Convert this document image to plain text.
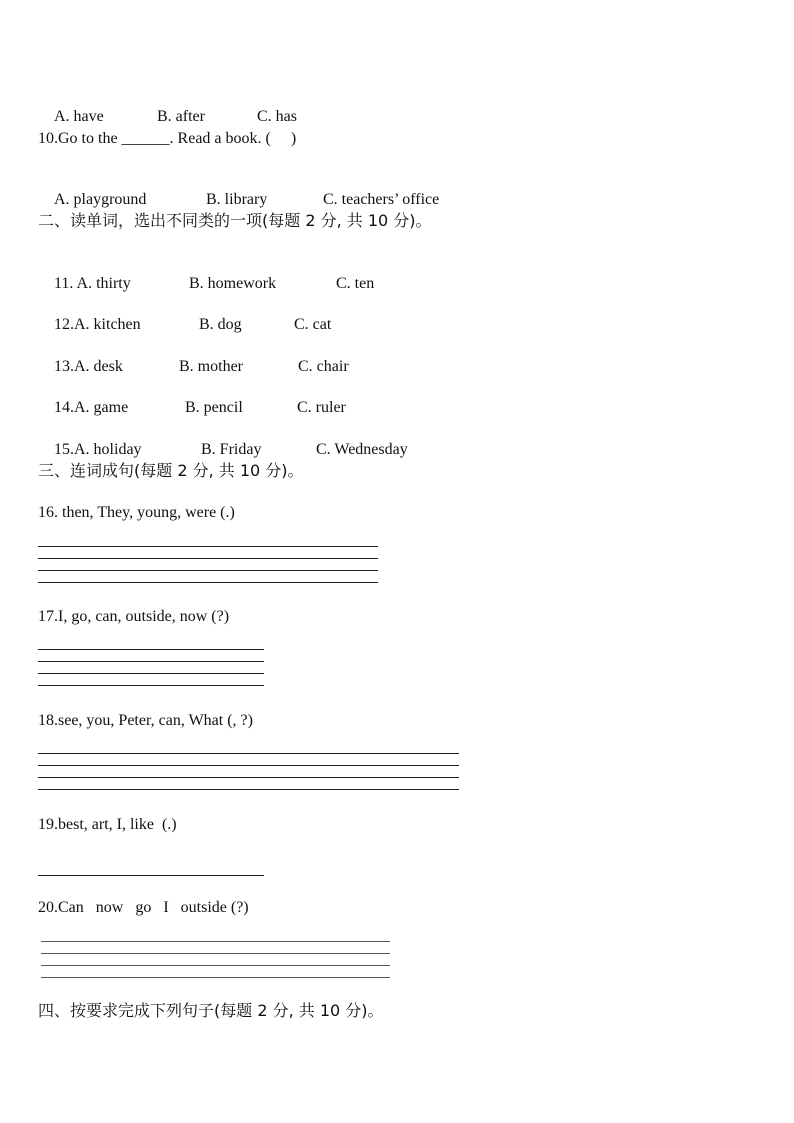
A. have	B. after	C. has

10.Go to the ______. Read a book. (     )

A. playground	B. library	C. teachers’ office

二、读单词，选出不同类的一项(每题 2 分, 共 10 分)。

11. A. thirty	B. homework	C. ten

12.A. kitchen	B. dog	C. cat

13.A. desk	B. mother	C. chair

14.A. game	B. pencil	C. ruler

15.A. holiday	B. Friday	C. Wednesday

三、连词成句(每题 2 分, 共 10 分)。
16. then, They, young, were (.)
17.I, go, can, outside, now (?)
18.see, you, Peter, can, What (, ?)
19.best, art, I, like  (.)
20.Can   now   go   I   outside (?)
四、按要求完成下列句子(每题 2 分, 共 10 分)。
